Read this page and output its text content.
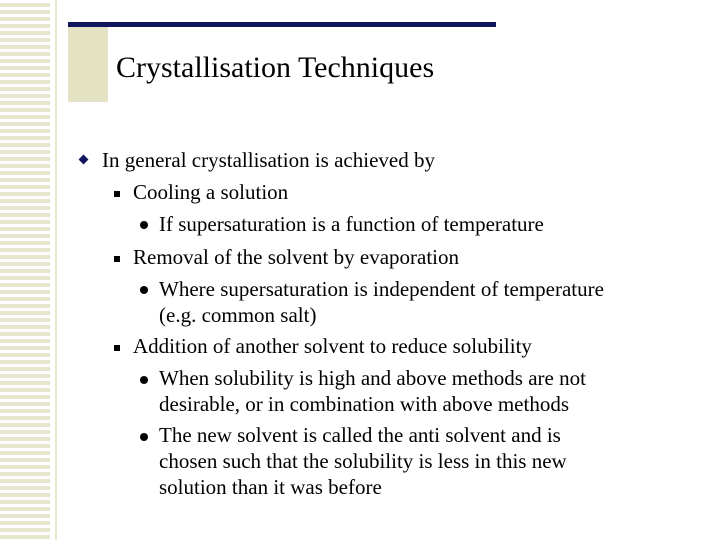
Crystallisation Techniques
In general crystallisation is achieved by
Cooling a solution
If supersaturation is a function of temperature
Removal of the solvent by evaporation
Where supersaturation is independent of temperature
(e.g. common salt)
Addition of another solvent to reduce solubility
When solubility is high and above methods are not
desirable, or in combination with above methods
The new solvent is called the anti solvent and is
chosen such that the solubility is less in this new
solution than it was before
